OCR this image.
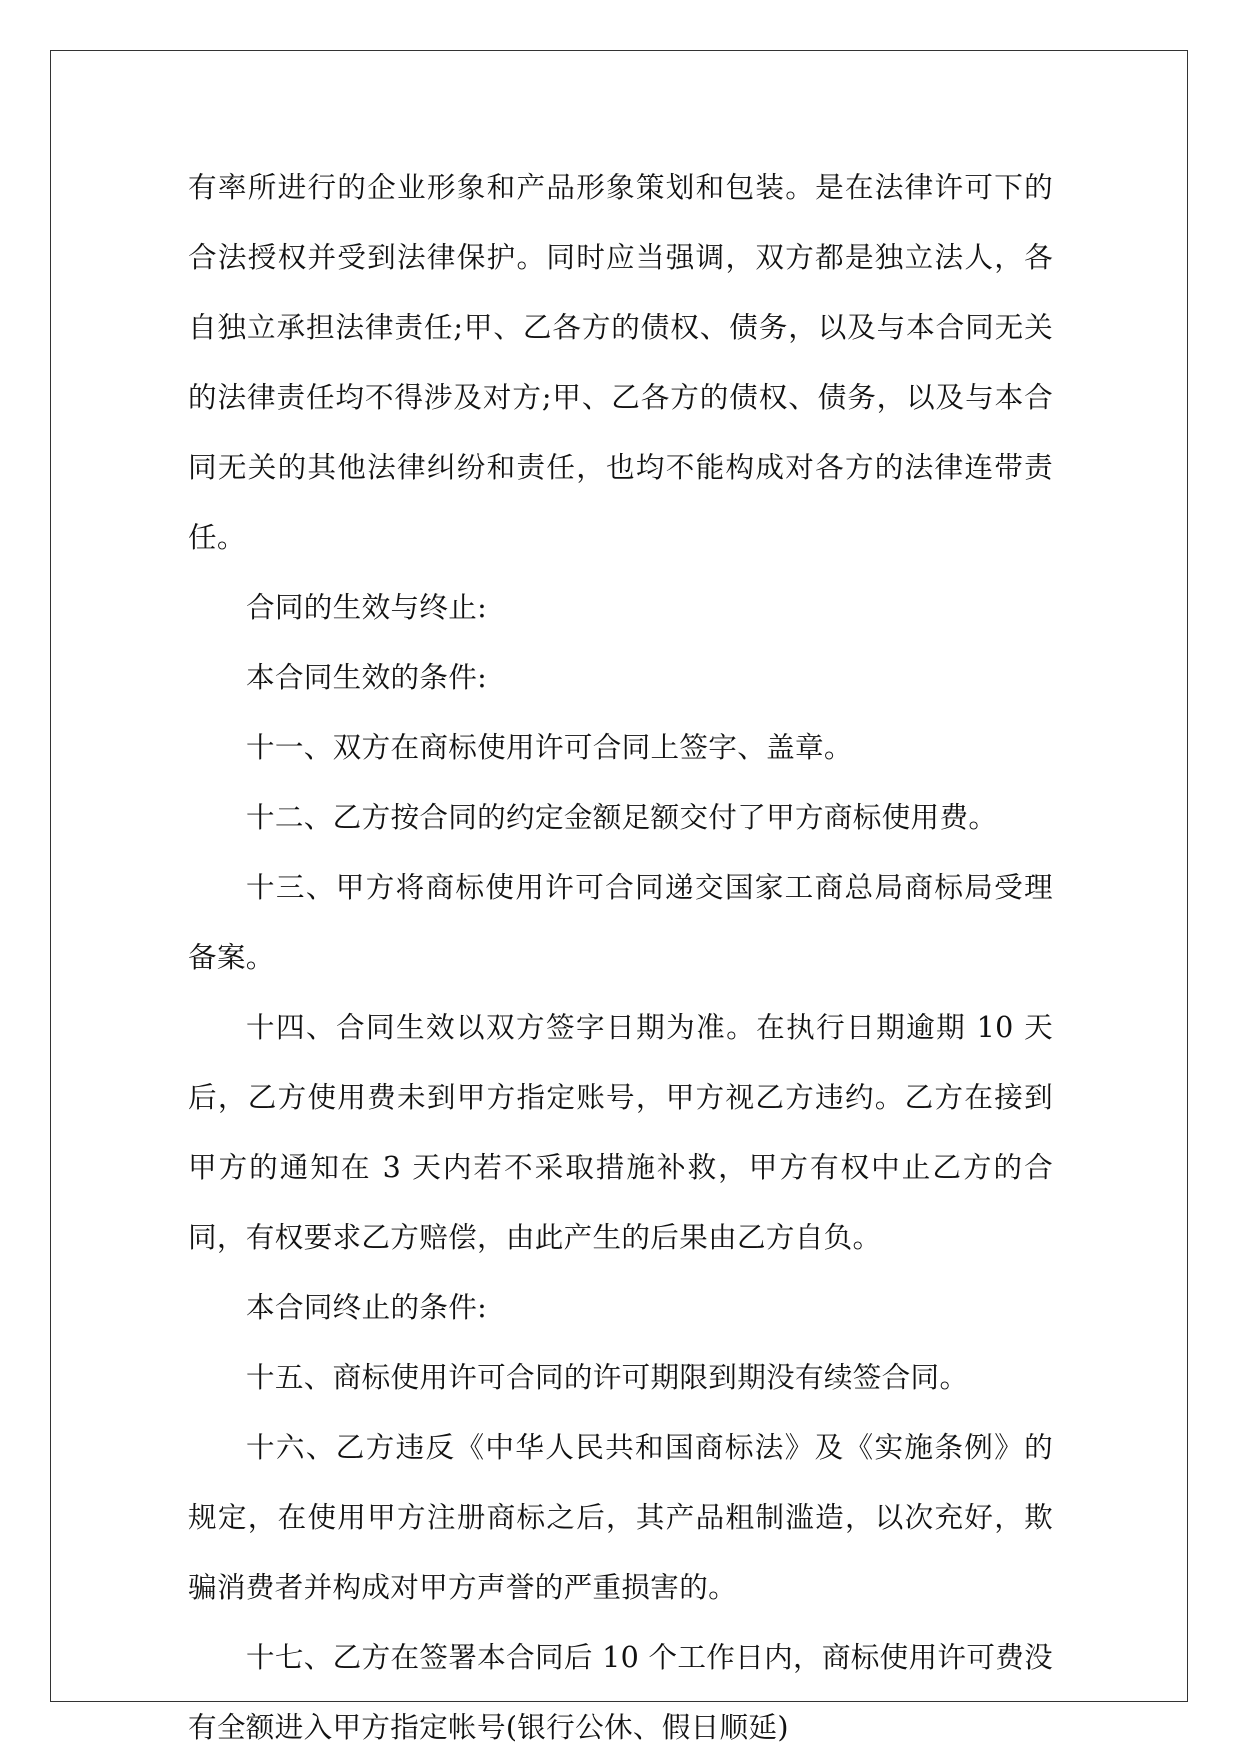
有率所进行的企业形象和产品形象策划和包装。是在法律许可下的合法授权并受到法律保护。同时应当强调，双方都是独立法人，各自独立承担法律责任;甲、乙各方的债权、债务，以及与本合同无关的法律责任均不得涉及对方;甲、乙各方的债权、债务，以及与本合同无关的其他法律纠纷和责任，也均不能构成对各方的法律连带责任。

合同的生效与终止:

本合同生效的条件:

十一、双方在商标使用许可合同上签字、盖章。

十二、乙方按合同的约定金额足额交付了甲方商标使用费。

十三、甲方将商标使用许可合同递交国家工商总局商标局受理备案。

十四、合同生效以双方签字日期为准。在执行日期逾期 10 天后，乙方使用费未到甲方指定账号，甲方视乙方违约。乙方在接到甲方的通知在 3 天内若不采取措施补救，甲方有权中止乙方的合同，有权要求乙方赔偿，由此产生的后果由乙方自负。

本合同终止的条件:

十五、商标使用许可合同的许可期限到期没有续签合同。

十六、乙方违反《中华人民共和国商标法》及《实施条例》的规定，在使用甲方注册商标之后，其产品粗制滥造，以次充好，欺骗消费者并构成对甲方声誉的严重损害的。

十七、乙方在签署本合同后 10 个工作日内，商标使用许可费没有全额进入甲方指定帐号(银行公休、假日顺延)
